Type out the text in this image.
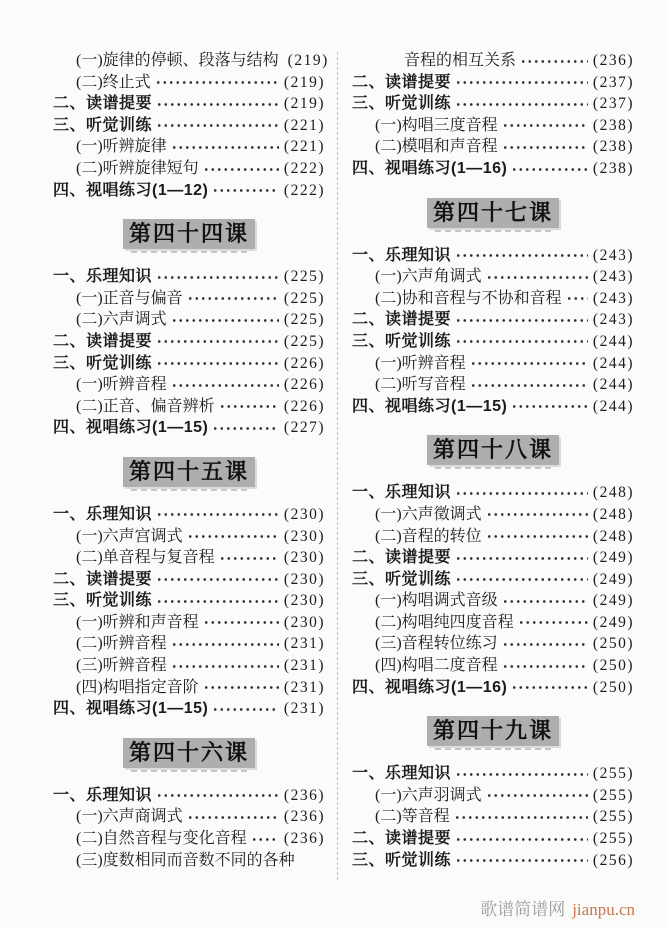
(一)旋律的停顿、段落与结构 (219)
(二)终止式	(219)
二、读谱提要	(219)
三、听觉训练	(221)
(一)听辨旋律	(221)
(二)听辨旋律短句	(222)
四、视唱练习(1—12)	(222)
第四十四课
一、乐理知识	(225)
(一)正音与偏音	(225)
(二)六声调式	(225)
二、读谱提要	(225)
三、听觉训练	(226)
(一)听辨音程	(226)
(二)正音、偏音辨析	(226)
四、视唱练习(1—15)	(227)
第四十五课
一、乐理知识	(230)
(一)六声宫调式	(230)
(二)单音程与复音程	(230)
二、读谱提要	(230)
三、听觉训练	(230)
(一)听辨和声音程	(230)
(二)听辨音程	(231)
(三)听辨音程	(231)
(四)构唱指定音阶	(231)
四、视唱练习(1—15)	(231)
第四十六课
一、乐理知识	(236)
(一)六声商调式	(236)
(二)自然音程与变化音程 (236)
(三)度数相同而音数不同的各种
音程的相互关系	(236)
二、读谱提要	(237)
三、听觉训练	(237)
(一)构唱三度音程	(238)
(二)模唱和声音程	(238)
四、视唱练习(1—16)	(238)
第四十七课
一、乐理知识	(243)
(一)六声角调式	(243)
(二)协和音程与不协和音程 (243)
二、读谱提要	(243)
三、听觉训练	(244)
(一)听辨音程	(244)
(二)听写音程	(244)
四、视唱练习(1—15)	(244)
第四十八课
一、乐理知识	(248)
(一)六声徵调式	(248)
(二)音程的转位	(248)
二、读谱提要	(249)
三、听觉训练	(249)
(一)构唱调式音级	(249)
(二)构唱纯四度音程	(249)
(三)音程转位练习	(250)
(四)构唱二度音程	(250)
四、视唱练习(1—16)	(250)
第四十九课
一、乐理知识	(255)
(一)六声羽调式	(255)
(二)等音程	(255)
二、读谱提要	(255)
三、听觉训练	(256)
歌谱简谱网 jianpu.cn
